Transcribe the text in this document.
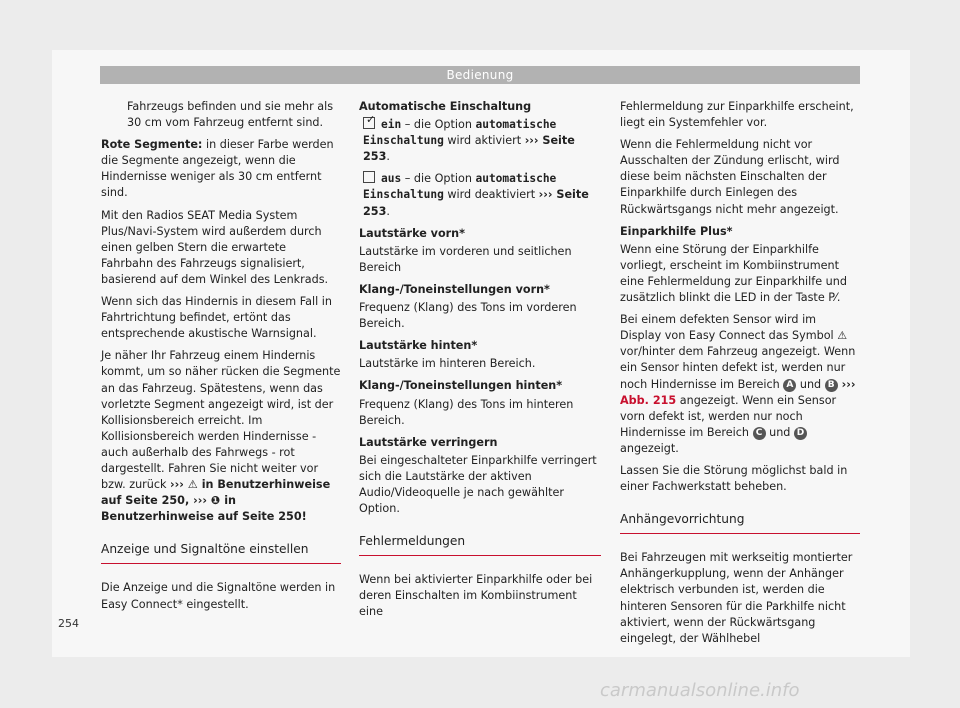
Bedienung

Fahrzeugs befinden und sie mehr als 30 cm vom Fahrzeug entfernt sind.

Rote Segmente: in dieser Farbe werden die Segmente angezeigt, wenn die Hindernisse weniger als 30 cm entfernt sind.

Mit den Radios SEAT Media System Plus/Navi-System wird außerdem durch einen gelben Stern die erwartete Fahrbahn des Fahrzeugs signalisiert, basierend auf dem Winkel des Lenkrads.

Wenn sich das Hindernis in diesem Fall in Fahrtrichtung befindet, ertönt das entsprechende akustische Warnsignal.

Je näher Ihr Fahrzeug einem Hindernis kommt, um so näher rücken die Segmente an das Fahrzeug. Spätestens, wenn das vorletzte Segment angezeigt wird, ist der Kollisionsbereich erreicht. Im Kollisionsbereich werden Hindernisse - auch außerhalb des Fahrwegs - rot dargestellt. Fahren Sie nicht weiter vor bzw. zurück ››› ⚠ in Benutzerhinweise auf Seite 250, ››› ❶ in Benutzerhinweise auf Seite 250!

Anzeige und Signaltöne einstellen

Die Anzeige und die Signaltöne werden in Easy Connect* eingestellt.

Automatische Einschaltung

✓ ein – die Option automatische Einschaltung wird aktiviert ››› Seite 253.

aus – die Option automatische Einschaltung wird deaktiviert ››› Seite 253.

Lautstärke vorn*

Lautstärke im vorderen und seitlichen Bereich

Klang-/Toneinstellungen vorn*

Frequenz (Klang) des Tons im vorderen Bereich.

Lautstärke hinten*

Lautstärke im hinteren Bereich.

Klang-/Toneinstellungen hinten*

Frequenz (Klang) des Tons im hinteren Bereich.

Lautstärke verringern

Bei eingeschalteter Einparkhilfe verringert sich die Lautstärke der aktiven Audio/Videoquelle je nach gewählter Option.

Fehlermeldungen

Wenn bei aktivierter Einparkhilfe oder bei deren Einschalten im Kombiinstrument eine

Fehlermeldung zur Einparkhilfe erscheint, liegt ein Systemfehler vor.

Wenn die Fehlermeldung nicht vor Ausschalten der Zündung erlischt, wird diese beim nächsten Einschalten der Einparkhilfe durch Einlegen des Rückwärtsgangs nicht mehr angezeigt.

Einparkhilfe Plus*

Wenn eine Störung der Einparkhilfe vorliegt, erscheint im Kombiinstrument eine Fehlermeldung zur Einparkhilfe und zusätzlich blinkt die LED in der Taste P⁄.

Bei einem defekten Sensor wird im Display von Easy Connect das Symbol ⚠ vor/hinter dem Fahrzeug angezeigt. Wenn ein Sensor hinten defekt ist, werden nur noch Hindernisse im Bereich A und B ››› Abb. 215 angezeigt. Wenn ein Sensor vorn defekt ist, werden nur noch Hindernisse im Bereich C und D angezeigt.

Lassen Sie die Störung möglichst bald in einer Fachwerkstatt beheben.

Anhängevorrichtung

Bei Fahrzeugen mit werkseitig montierter Anhängerkupplung, wenn der Anhänger elektrisch verbunden ist, werden die hinteren Sensoren für die Parkhilfe nicht aktiviert, wenn der Rückwärtsgang eingelegt, der Wählhebel

254
carmanualsonline.info
